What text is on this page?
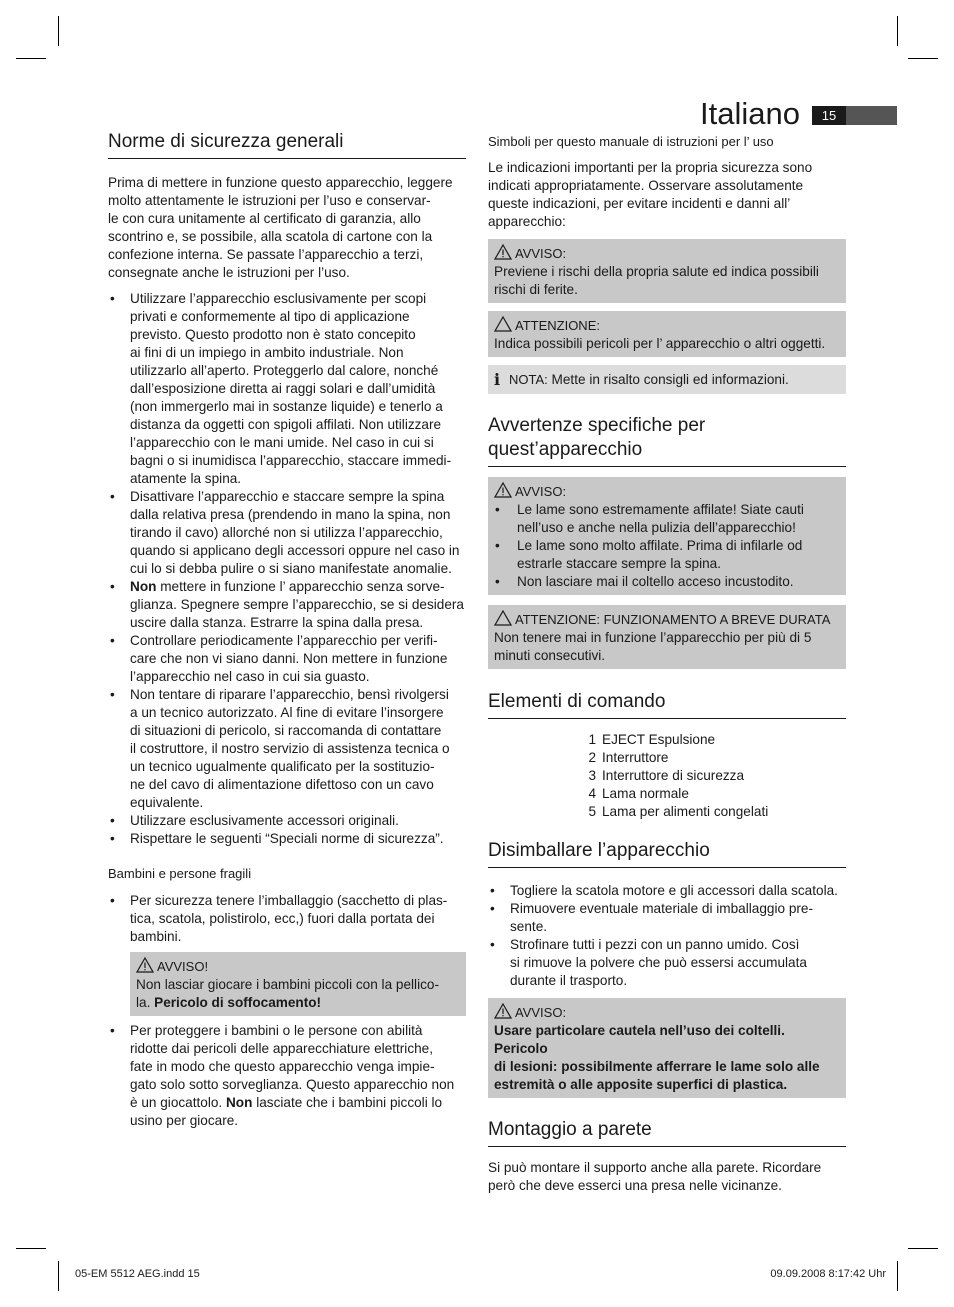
Italiano	15
Norme di sicurezza generali

Prima di mettere in funzione questo apparecchio, leggere
molto attentamente le istruzioni per l’uso e conservar-
le con cura unitamente al certificato di garanzia, allo
scontrino e, se possibile, alla scatola di cartone con la
confezione interna. Se passate l’apparecchio a terzi,
consegnate anche le istruzioni per l’uso.

• Utilizzare l’apparecchio esclusivamente per scopi
privati e conformemente al tipo di applicazione
previsto. Questo prodotto non è stato concepito
ai fini di un impiego in ambito industriale. Non
utilizzarlo all’aperto. Proteggerlo dal calore, nonché
dall’esposizione diretta ai raggi solari e dall’umidità
(non immergerlo mai in sostanze liquide) e tenerlo a
distanza da oggetti con spigoli affilati. Non utilizzare
l’apparecchio con le mani umide. Nel caso in cui si
bagni o si inumidisca l’apparecchio, staccare immedi-
atamente la spina.
• Disattivare l’apparecchio e staccare sempre la spina
dalla relativa presa (prendendo in mano la spina, non
tirando il cavo) allorché non si utilizza l’apparecchio,
quando si applicano degli accessori oppure nel caso in
cui lo si debba pulire o si siano manifestate anomalie.
• Non mettere in funzione l’ apparecchio senza sorve-
glianza. Spegnere sempre l’apparecchio, se si desidera
uscire dalla stanza. Estrarre la spina dalla presa.
• Controllare periodicamente l’apparecchio per verifi-
care che non vi siano danni. Non mettere in funzione
l’apparecchio nel caso in cui sia guasto.
• Non tentare di riparare l’apparecchio, bensì rivolgersi
a un tecnico autorizzato. Al fine di evitare l’insorgere
di situazioni di pericolo, si raccomanda di contattare
il costruttore, il nostro servizio di assistenza tecnica o
un tecnico ugualmente qualificato per la sostituzio-
ne del cavo di alimentazione difettoso con un cavo
equivalente.
• Utilizzare esclusivamente accessori originali.
• Rispettare le seguenti “Speciali norme di sicurezza”.

Bambini e persone fragili

• Per sicurezza tenere l’imballaggio (sacchetto di plas-
tica, scatola, polistirolo, ecc,) fuori dalla portata dei
bambini.
AVVISO!
Non lasciar giocare i bambini piccoli con la pellico-
la. Pericolo di soffocamento!
• Per proteggere i bambini o le persone con abilità
ridotte dai pericoli delle apparecchiature elettriche,
fate in modo che questo apparecchio venga impie-
gato solo sotto sorveglianza. Questo apparecchio non
è un giocattolo. Non lasciate che i bambini piccoli lo
usino per giocare.

Simboli per questo manuale di istruzioni per l’ uso

Le indicazioni importanti per la propria sicurezza sono
indicati appropriatamente. Osservare assolutamente
queste indicazioni, per evitare incidenti e danni all’
apparecchio:

AVVISO:
Previene i rischi della propria salute ed indica possibili
rischi di ferite.
ATTENZIONE:
Indica possibili pericoli per l’ apparecchio o altri oggetti.
i NOTA: Mette in risalto consigli ed informazioni.
Avvertenze specifiche per
quest’apparecchio
AVVISO:
• Le lame sono estremamente affilate! Siate cauti
nell’uso e anche nella pulizia dell’apparecchio!
• Le lame sono molto affilate. Prima di infilarle od
estrarle staccare sempre la spina.
• Non lasciare mai il coltello acceso incustodito.
ATTENZIONE: FUNZIONAMENTO A BREVE DURATA
Non tenere mai in funzione l’apparecchio per più di 5
minuti consecutivi.
Elementi di comando
1 EJECT Espulsione
2 Interruttore
3 Interruttore di sicurezza
4 Lama normale
5 Lama per alimenti congelati
Disimballare l’apparecchio
• Togliere la scatola motore e gli accessori dalla scatola.
• Rimuovere eventuale materiale di imballaggio pre-
sente.
• Strofinare tutti i pezzi con un panno umido. Così
si rimuove la polvere che può essersi accumulata
durante il trasporto.
AVVISO:
Usare particolare cautela nell’uso dei coltelli. Pericolo
di lesioni: possibilmente afferrare le lame solo alle
estremità o alle apposite superfici di plastica.
Montaggio a parete

Si può montare il supporto anche alla parete. Ricordare
però che deve esserci una presa nelle vicinanze.

05-EM 5512 AEG.indd 15	09.09.2008 8:17:42 Uhr
